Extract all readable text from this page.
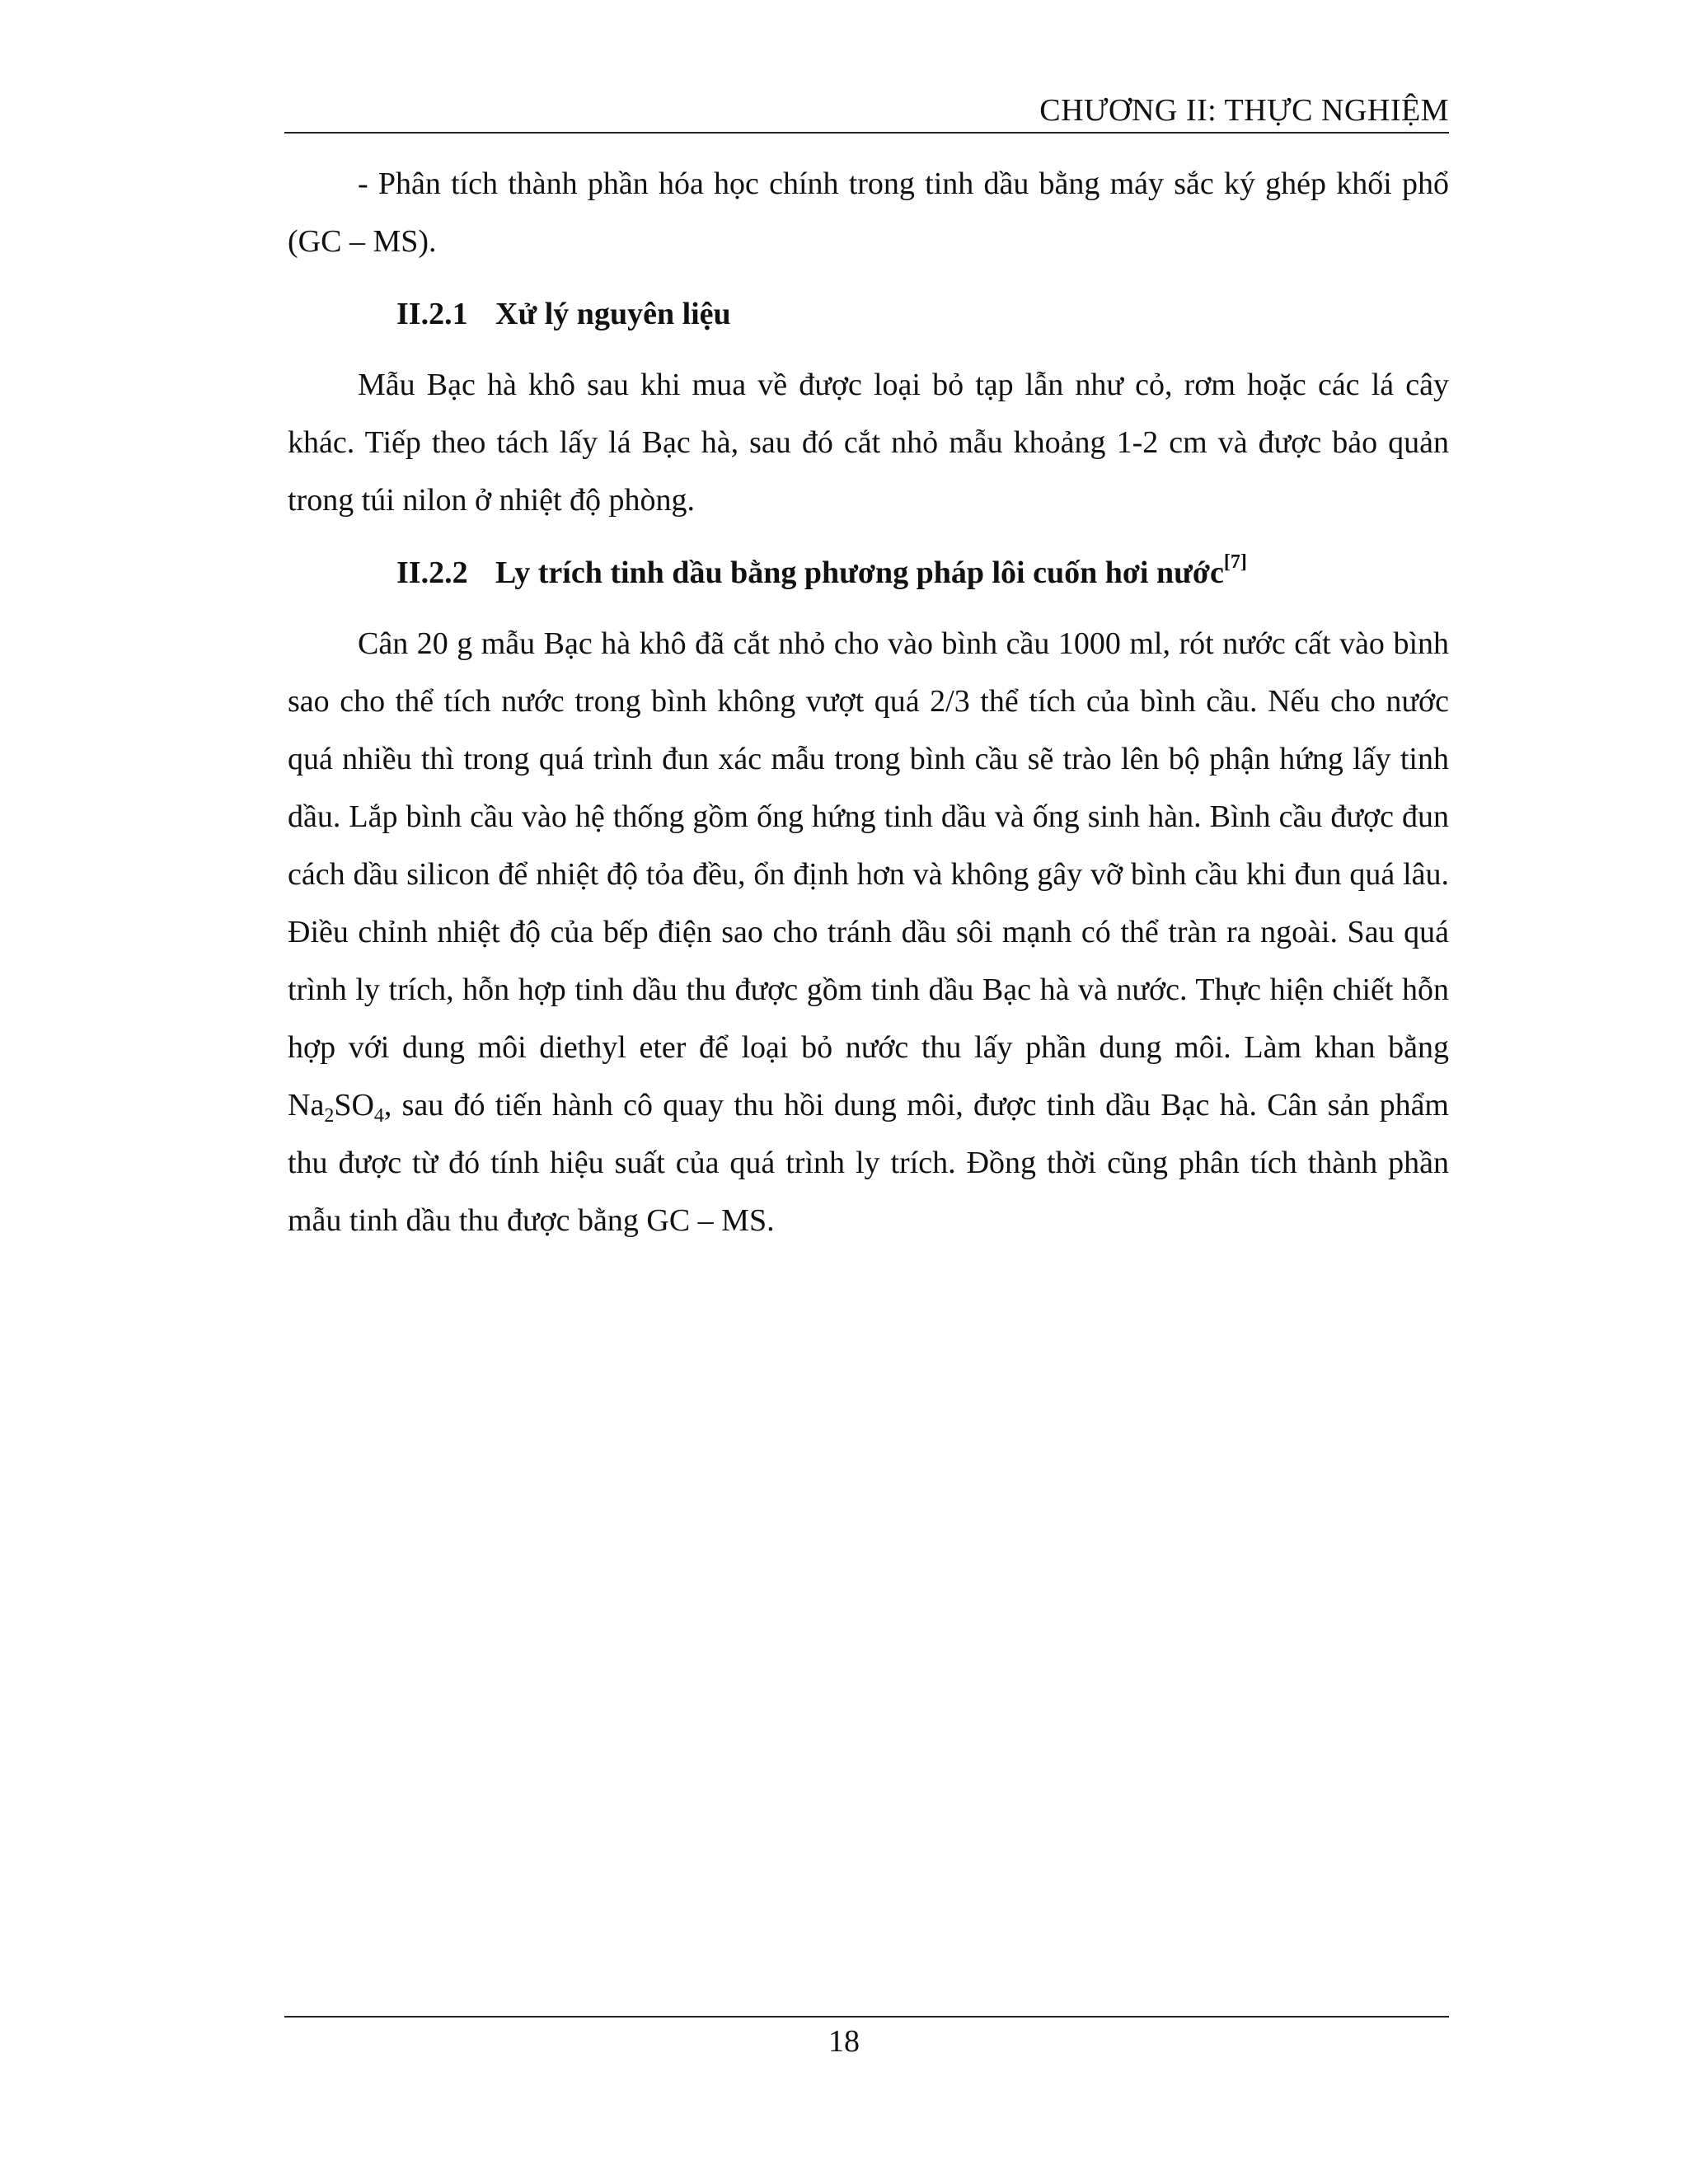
CHƯƠNG II: THỰC NGHIỆM

- Phân tích thành phần hóa học chính trong tinh dầu bằng máy sắc ký ghép khối phổ (GC – MS).

II.2.1 Xử lý nguyên liệu

Mẫu Bạc hà khô sau khi mua về được loại bỏ tạp lẫn như cỏ, rơm hoặc các lá cây khác. Tiếp theo tách lấy lá Bạc hà, sau đó cắt nhỏ mẫu khoảng 1-2 cm và được bảo quản trong túi nilon ở nhiệt độ phòng.

II.2.2 Ly trích tinh dầu bằng phương pháp lôi cuốn hơi nước[7]

Cân 20 g mẫu Bạc hà khô đã cắt nhỏ cho vào bình cầu 1000 ml, rót nước cất vào bình sao cho thể tích nước trong bình không vượt quá 2/3 thể tích của bình cầu. Nếu cho nước quá nhiều thì trong quá trình đun xác mẫu trong bình cầu sẽ trào lên bộ phận hứng lấy tinh dầu. Lắp bình cầu vào hệ thống gồm ống hứng tinh dầu và ống sinh hàn. Bình cầu được đun cách dầu silicon để nhiệt độ tỏa đều, ổn định hơn và không gây vỡ bình cầu khi đun quá lâu. Điều chỉnh nhiệt độ của bếp điện sao cho tránh dầu sôi mạnh có thể tràn ra ngoài. Sau quá trình ly trích, hỗn hợp tinh dầu thu được gồm tinh dầu Bạc hà và nước. Thực hiện chiết hỗn hợp với dung môi diethyl eter để loại bỏ nước thu lấy phần dung môi. Làm khan bằng $Na_2SO_4$, sau đó tiến hành cô quay thu hồi dung môi, được tinh dầu Bạc hà. Cân sản phẩm thu được từ đó tính hiệu suất của quá trình ly trích. Đồng thời cũng phân tích thành phần mẫu tinh dầu thu được bằng GC – MS.

18
